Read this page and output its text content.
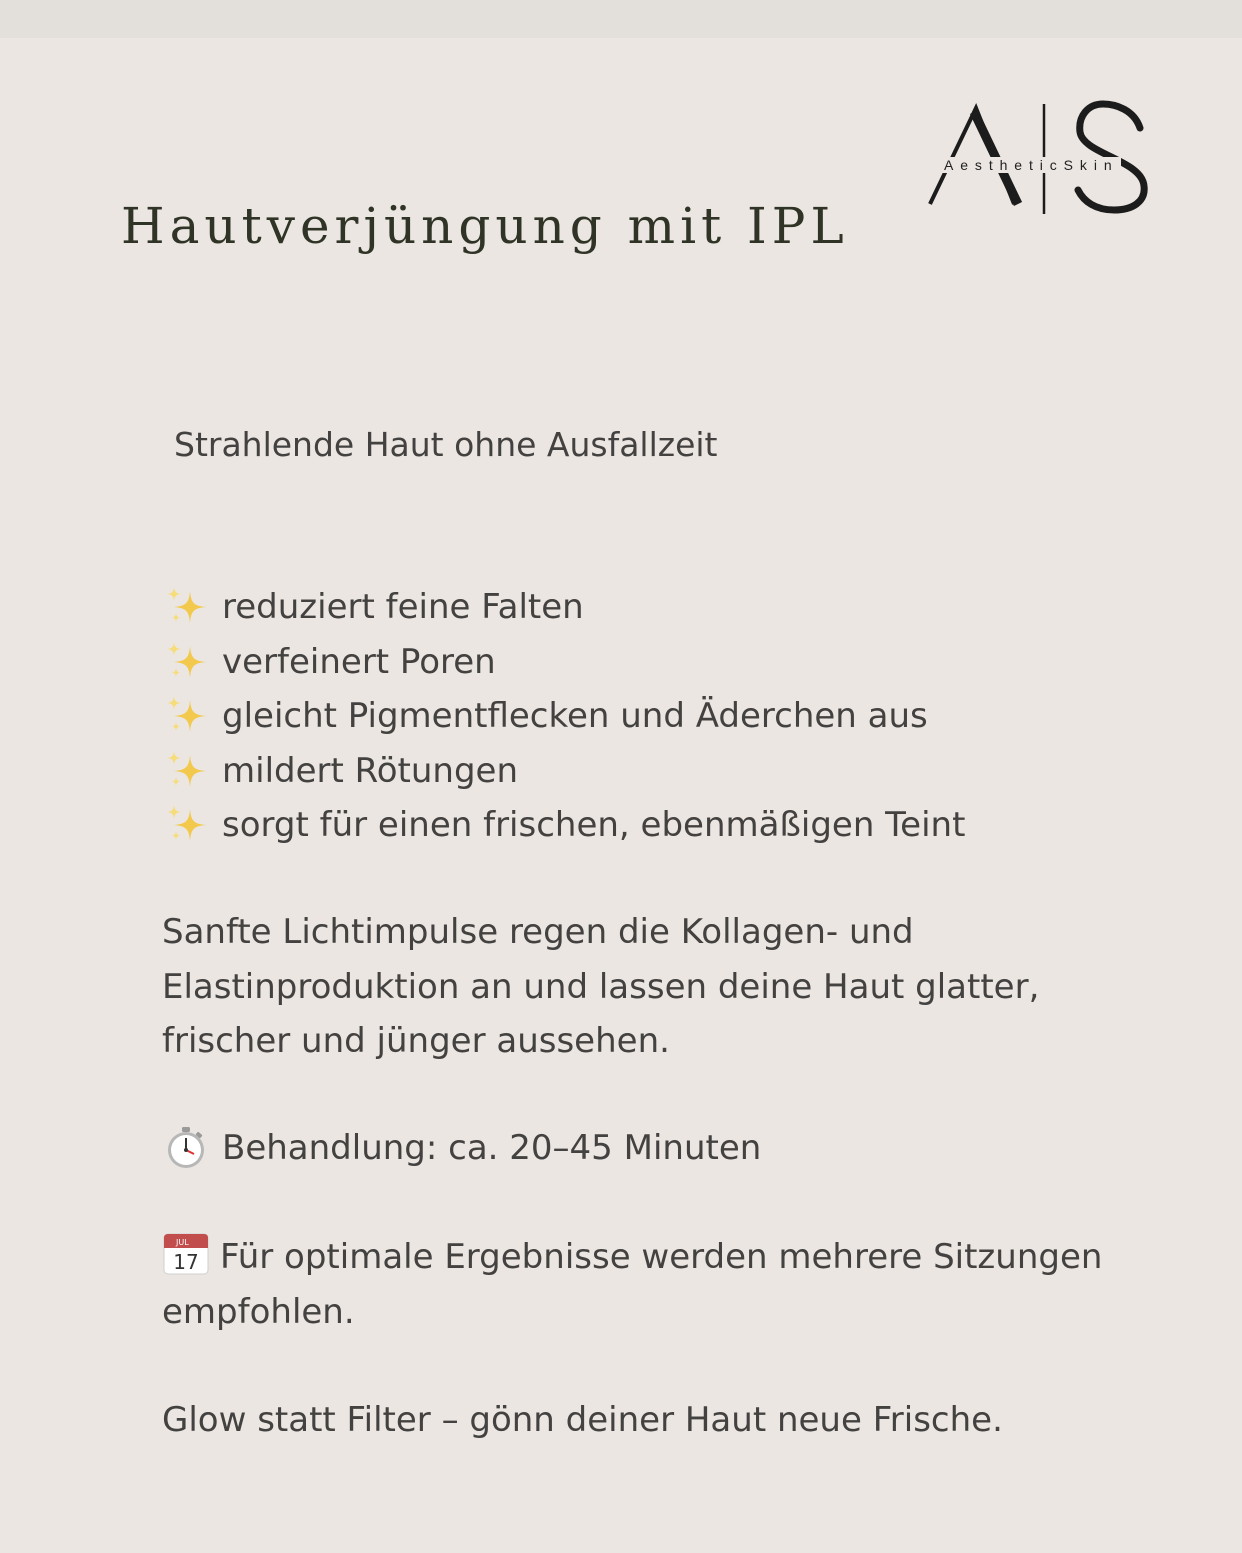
AestheticSkin
Hautverjüngung mit IPL

Strahlende Haut ohne Ausfallzeit

reduziert feine Falten
verfeinert Poren
gleicht Pigmentflecken und Äderchen aus
mildert Rötungen
sorgt für einen frischen, ebenmäßigen Teint

Sanfte Lichtimpulse regen die Kollagen- und Elastinproduktion an und lassen deine Haut glatter, frischer und jünger aussehen.

Behandlung: ca. 20–45 Minuten

JUL
17 Für optimale Ergebnisse werden mehrere Sitzungen empfohlen.

Glow statt Filter – gönn deiner Haut neue Frische.
